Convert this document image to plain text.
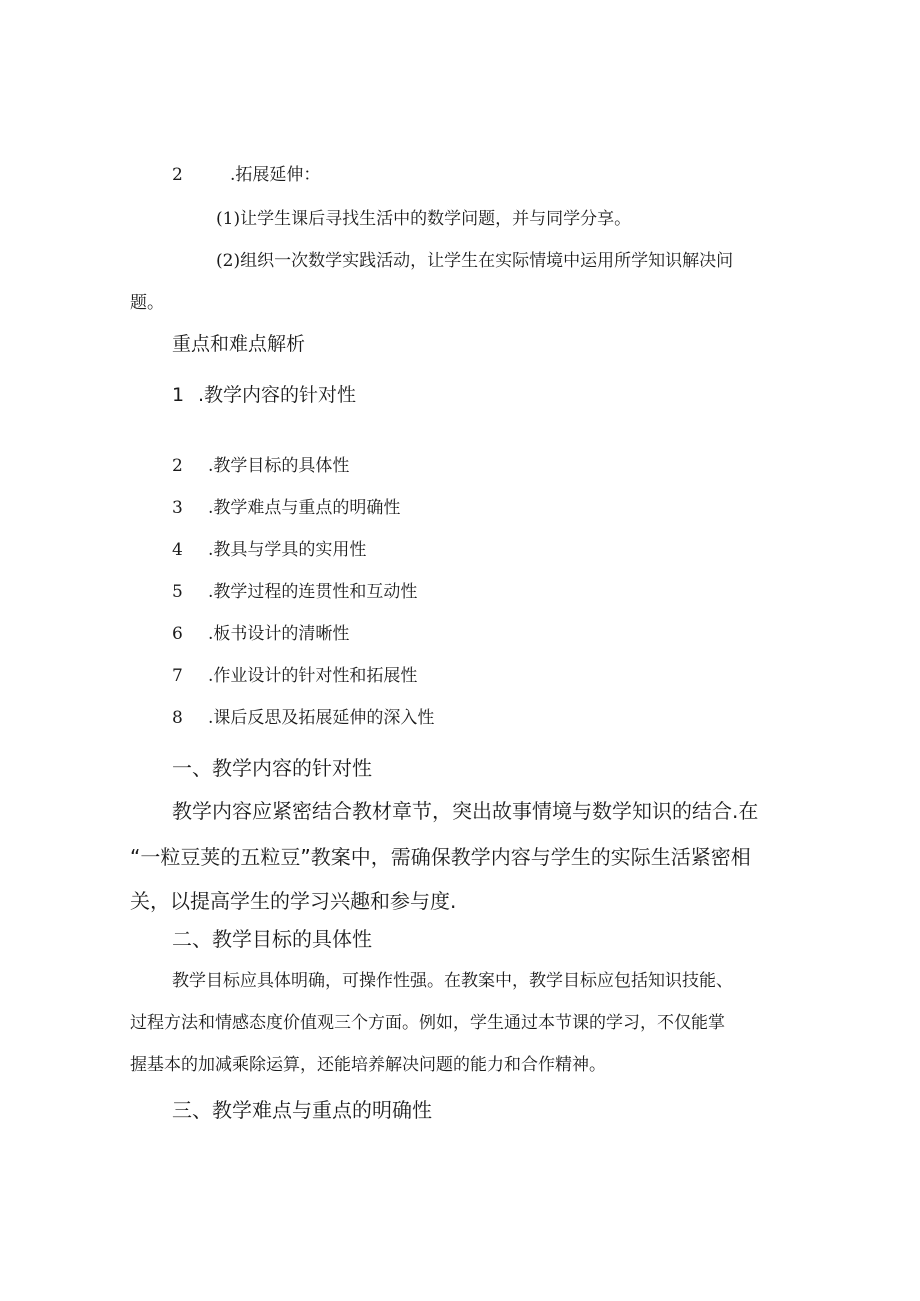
2	.拓展延伸：
(1)让学生课后寻找生活中的数学问题，并与同学分享。
(2)组织一次数学实践活动，让学生在实际情境中运用所学知识解决问
题。
重点和难点解析
1 .教学内容的针对性
2 .教学目标的具体性
3 .教学难点与重点的明确性
4 .教具与学具的实用性
5 .教学过程的连贯性和互动性
6 .板书设计的清晰性
7 .作业设计的针对性和拓展性
8 .课后反思及拓展延伸的深入性
一、教学内容的针对性
教学内容应紧密结合教材章节，突出故事情境与数学知识的结合.在
“一粒豆荚的五粒豆”教案中，需确保教学内容与学生的实际生活紧密相
关，以提高学生的学习兴趣和参与度.
二、教学目标的具体性
教学目标应具体明确，可操作性强。在教案中，教学目标应包括知识技能、
过程方法和情感态度价值观三个方面。例如，学生通过本节课的学习，不仅能掌
握基本的加减乘除运算，还能培养解决问题的能力和合作精神。
三、教学难点与重点的明确性
